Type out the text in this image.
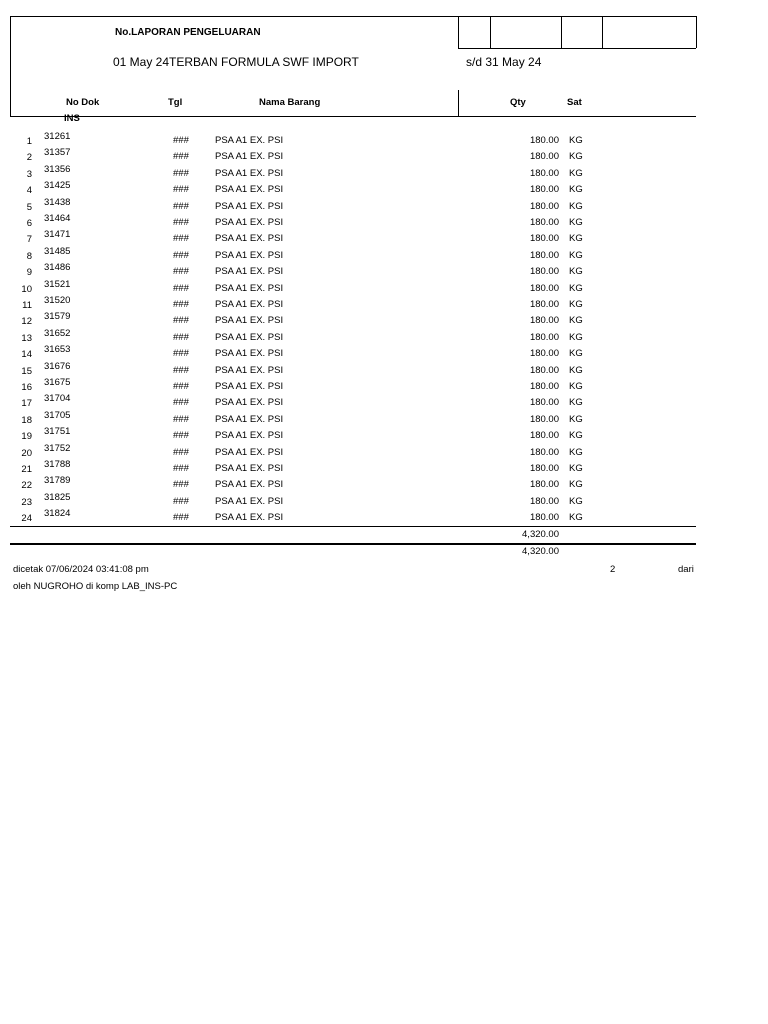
No.LAPORAN PENGELUARAN
01 May 24TERBAN FORMULA SWF IMPORT	s/d 31 May 24
No Dok
INS
Tgl	Nama Barang	Qty	Sat
1 31261	###	PSA A1 EX. PSI	180.00 KG
2 31357	###	PSA A1 EX. PSI	180.00 KG
3 31356	###	PSA A1 EX. PSI	180.00 KG
4 31425	###	PSA A1 EX. PSI	180.00 KG
5 31438	###	PSA A1 EX. PSI	180.00 KG
6 31464	###	PSA A1 EX. PSI	180.00 KG
7 31471	###	PSA A1 EX. PSI	180.00 KG
8 31485	###	PSA A1 EX. PSI	180.00 KG
9 31486	###	PSA A1 EX. PSI	180.00 KG
10 31521	###	PSA A1 EX. PSI	180.00 KG
11 31520	###	PSA A1 EX. PSI	180.00 KG
12 31579	###	PSA A1 EX. PSI	180.00 KG
13 31652	###	PSA A1 EX. PSI	180.00 KG
14 31653	###	PSA A1 EX. PSI	180.00 KG
15 31676	###	PSA A1 EX. PSI	180.00 KG
16 31675	###	PSA A1 EX. PSI	180.00 KG
17 31704	###	PSA A1 EX. PSI	180.00 KG
18 31705	###	PSA A1 EX. PSI	180.00 KG
19 31751	###	PSA A1 EX. PSI	180.00 KG
20 31752	###	PSA A1 EX. PSI	180.00 KG
21 31788	###	PSA A1 EX. PSI	180.00 KG
22 31789	###	PSA A1 EX. PSI	180.00 KG
23 31825	###	PSA A1 EX. PSI	180.00 KG
24 31824	###	PSA A1 EX. PSI	180.00 KG
4,320.00
4,320.00
dicetak 07/06/2024 03:41:08 pm	2	dari
oleh NUGROHO di komp LAB_INS-PC
